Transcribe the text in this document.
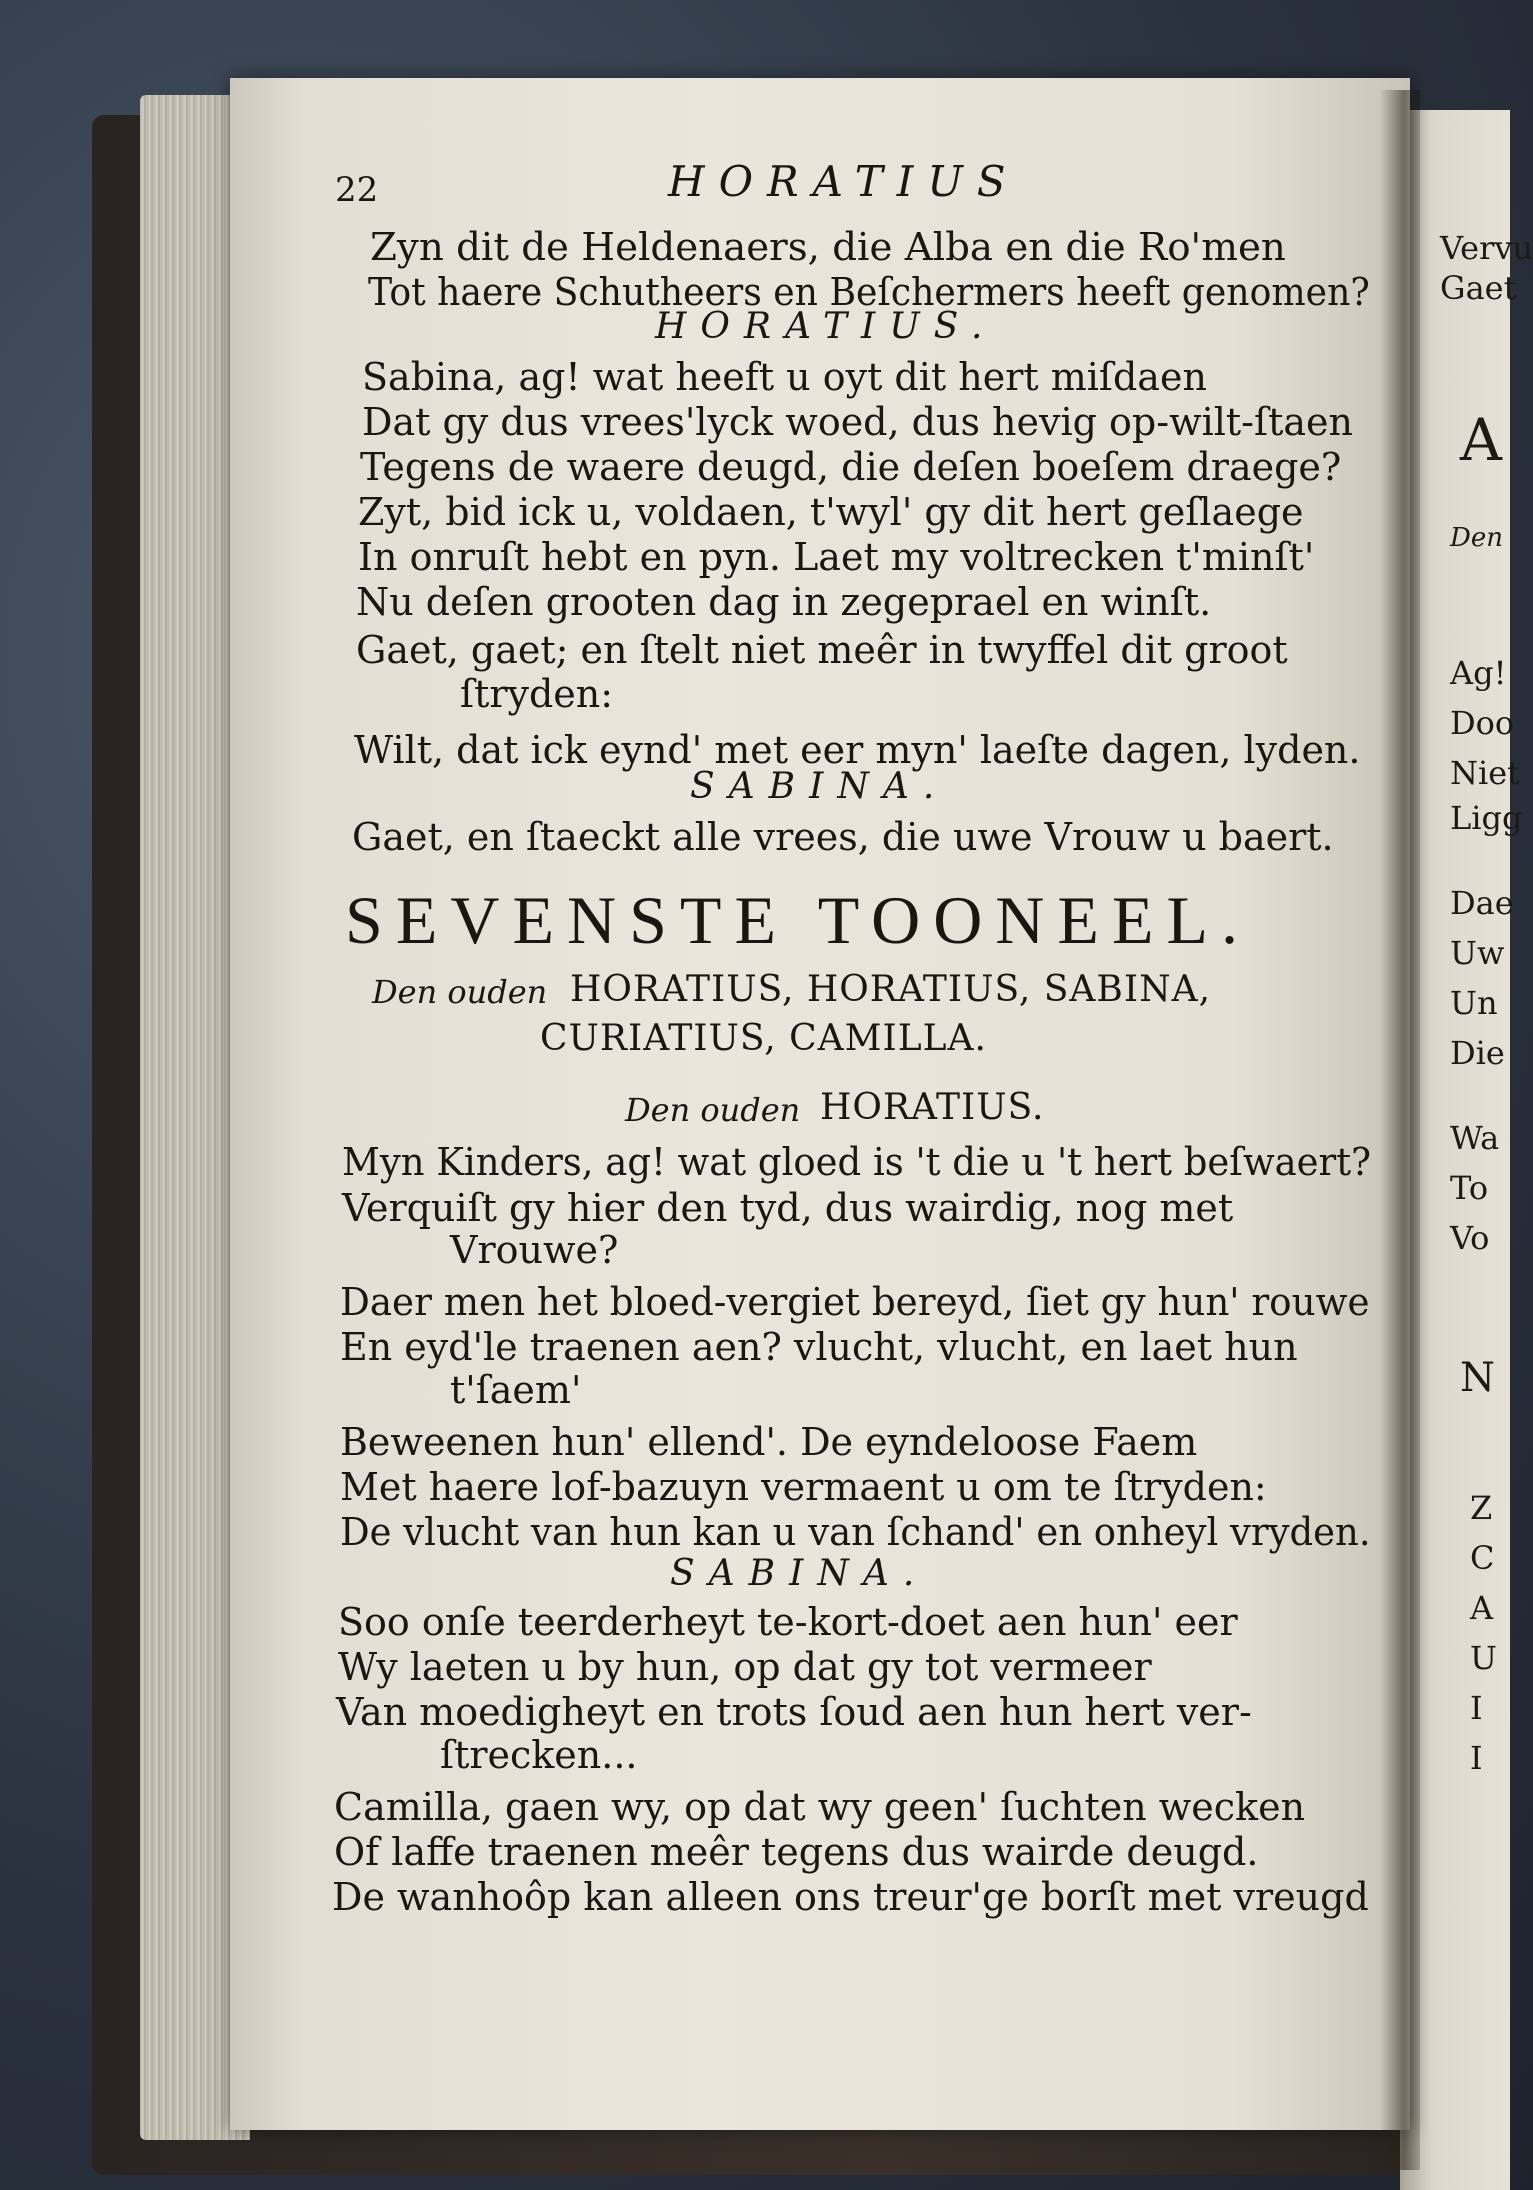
Vervu
Gaet
A
Den
Ag!
Doo
Niet
Ligg
Dae
Uw
Un
Die
Wa
To
Vo
N
Z
C
A
U
I
I
22	HORATIUS
Zyn dit de Heldenaers, die Alba en die Ro'men
Tot haere Schutheers en Beſchermers heeft genomen?
HORATIUS.
Sabina, ag! wat heeft u oyt dit hert miſdaen
Dat gy dus vrees'lyck woed, dus hevig op-wilt-ſtaen
Tegens de waere deugd, die deſen boeſem draege?
Zyt, bid ick u, voldaen, t'wyl' gy dit hert geſlaege
In onruſt hebt en pyn. Laet my voltrecken t'minſt'
Nu deſen grooten dag in zegeprael en winſt.
Gaet, gaet; en ſtelt niet meêr in twyffel dit groot
ſtryden:
Wilt, dat ick eynd' met eer myn' laeſte dagen, lyden.
SABINA.
Gaet, en ſtaeckt alle vrees, die uwe Vrouw u baert.
SEVENSTE TOONEEL.
Den ouden HORATIUS, HORATIUS, SABINA,
CURIATIUS, CAMILLA.
Den ouden HORATIUS.
Myn Kinders, ag! wat gloed is 't die u 't hert beſwaert?
Verquiſt gy hier den tyd, dus wairdig, nog met
Vrouwe?
Daer men het bloed-vergiet bereyd, ſiet gy hun' rouwe
En eyd'le traenen aen? vlucht, vlucht, en laet hun
t'ſaem'
Beweenen hun' ellend'. De eyndeloose Faem
Met haere lof-bazuyn vermaent u om te ſtryden:
De vlucht van hun kan u van ſchand' en onheyl vryden.
SABINA.
Soo onſe teerderheyt te-kort-doet aen hun' eer
Wy laeten u by hun, op dat gy tot vermeer
Van moedigheyt en trots ſoud aen hun hert ver-
ſtrecken...
Camilla, gaen wy, op dat wy geen' ſuchten wecken
Of laffe traenen meêr tegens dus wairde deugd.
De wanhoôp kan alleen ons treur'ge borſt met vreugd
